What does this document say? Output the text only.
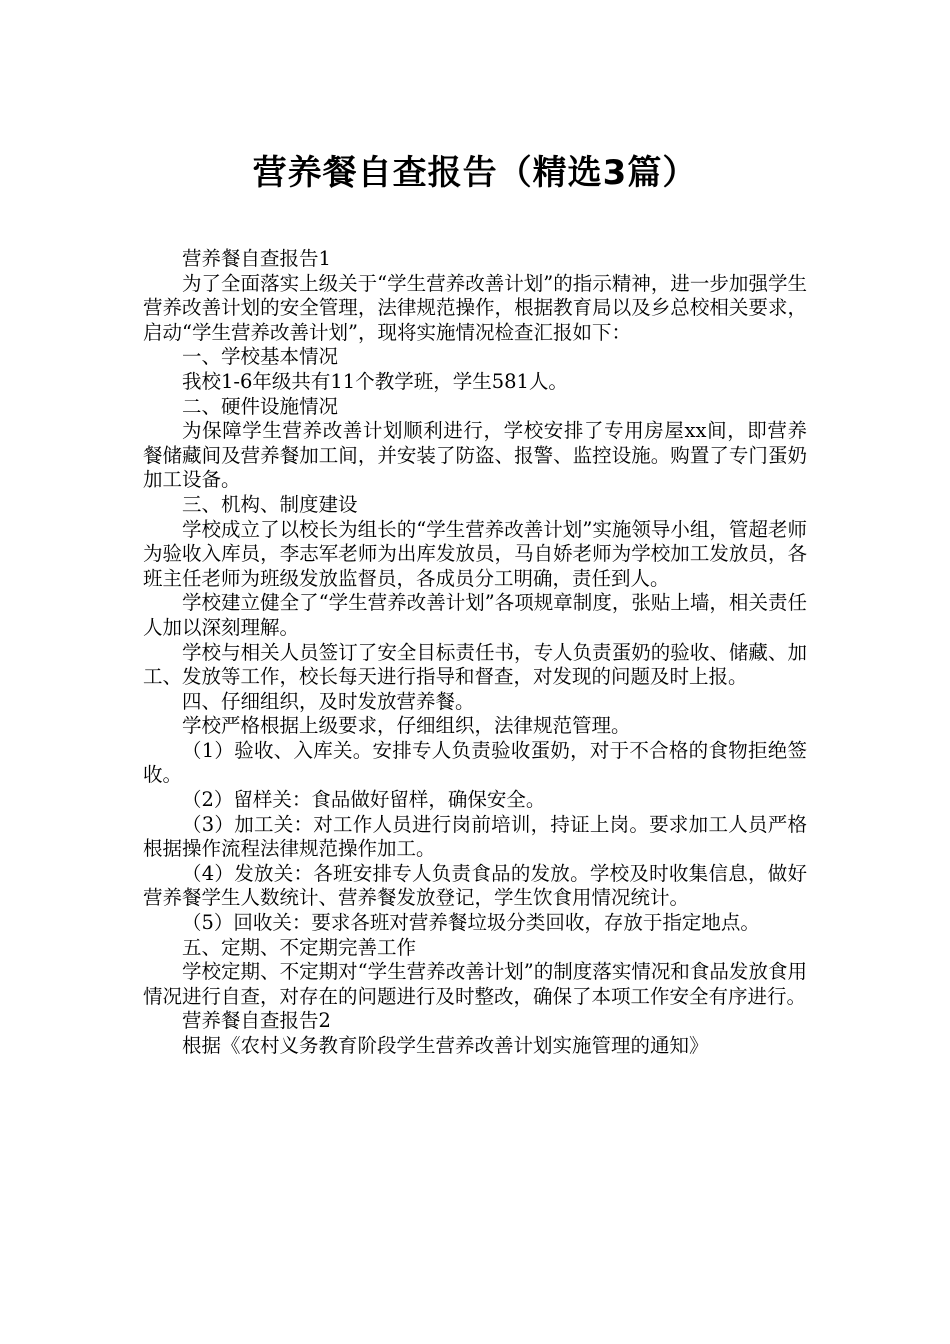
营养餐自查报告（精选3篇）

营养餐自查报告1

为了全面落实上级关于“学生营养改善计划”的指示精神，进一步加强学生营养改善计划的安全管理，法律规范操作，根据教育局以及乡总校相关要求，启动“学生营养改善计划”，现将实施情况检查汇报如下：

一、学校基本情况

我校1-6年级共有11个教学班，学生581人。

二、硬件设施情况

为保障学生营养改善计划顺利进行，学校安排了专用房屋xx间，即营养餐储藏间及营养餐加工间，并安装了防盗、报警、监控设施。购置了专门蛋奶加工设备。

三、机构、制度建设

学校成立了以校长为组长的“学生营养改善计划”实施领导小组，管超老师为验收入库员，李志军老师为出库发放员，马自娇老师为学校加工发放员，各班主任老师为班级发放监督员，各成员分工明确，责任到人。

学校建立健全了“学生营养改善计划”各项规章制度，张贴上墙，相关责任人加以深刻理解。

学校与相关人员签订了安全目标责任书，专人负责蛋奶的验收、储藏、加工、发放等工作，校长每天进行指导和督查，对发现的问题及时上报。

四、仔细组织，及时发放营养餐。

学校严格根据上级要求，仔细组织，法律规范管理。

（1）验收、入库关。安排专人负责验收蛋奶，对于不合格的食物拒绝签收。

（2）留样关：食品做好留样，确保安全。

（3）加工关：对工作人员进行岗前培训，持证上岗。要求加工人员严格根据操作流程法律规范操作加工。

（4）发放关：各班安排专人负责食品的发放。学校及时收集信息，做好营养餐学生人数统计、营养餐发放登记，学生饮食用情况统计。

（5）回收关：要求各班对营养餐垃圾分类回收，存放于指定地点。

五、定期、不定期完善工作

学校定期、不定期对“学生营养改善计划”的制度落实情况和食品发放食用情况进行自查，对存在的问题进行及时整改，确保了本项工作安全有序进行。

营养餐自查报告2

根据《农村义务教育阶段学生营养改善计划实施管理的通知》
